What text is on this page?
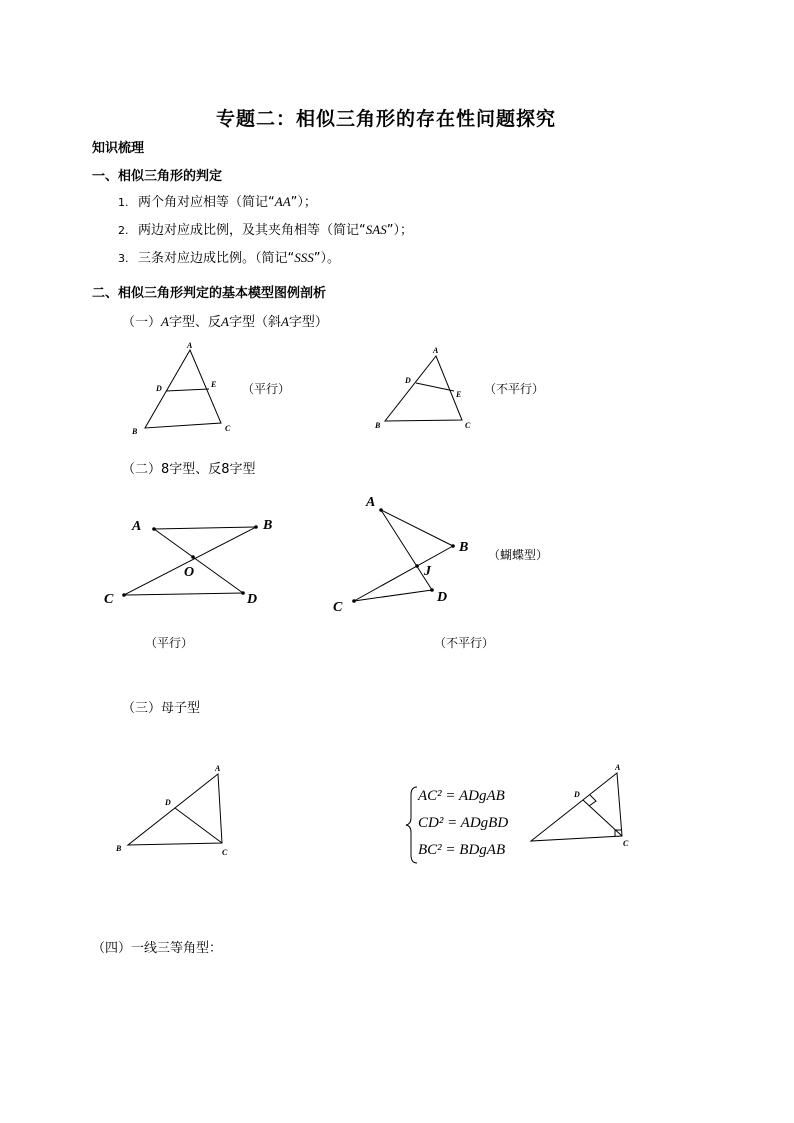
专题二：相似三角形的存在性问题探究
知识梳理
一、相似三角形的判定
1. 两个角对应相等（简记“AA”）；
2. 两边对应成比例，及其夹角相等（简记“SAS”）；
3. 三条对应边成比例。（简记“SSS”）。
二、相似三角形判定的基本模型图例剖析
（一）A字型、反A字型（斜A字型）
A
D	E
B	C
（平行）
A
D
E
B	C
（不平行）
（二）8字型、反8字型
A	B
C	D
O
A
B
C
D
J
（蝴蝶型）
（平行）	（不平行）
（三）母子型
A
D
B	C
AC² = ADgAB
CD² = ADgBD
BC² = BDgAB
A
D
C
（四）一线三等角型：
